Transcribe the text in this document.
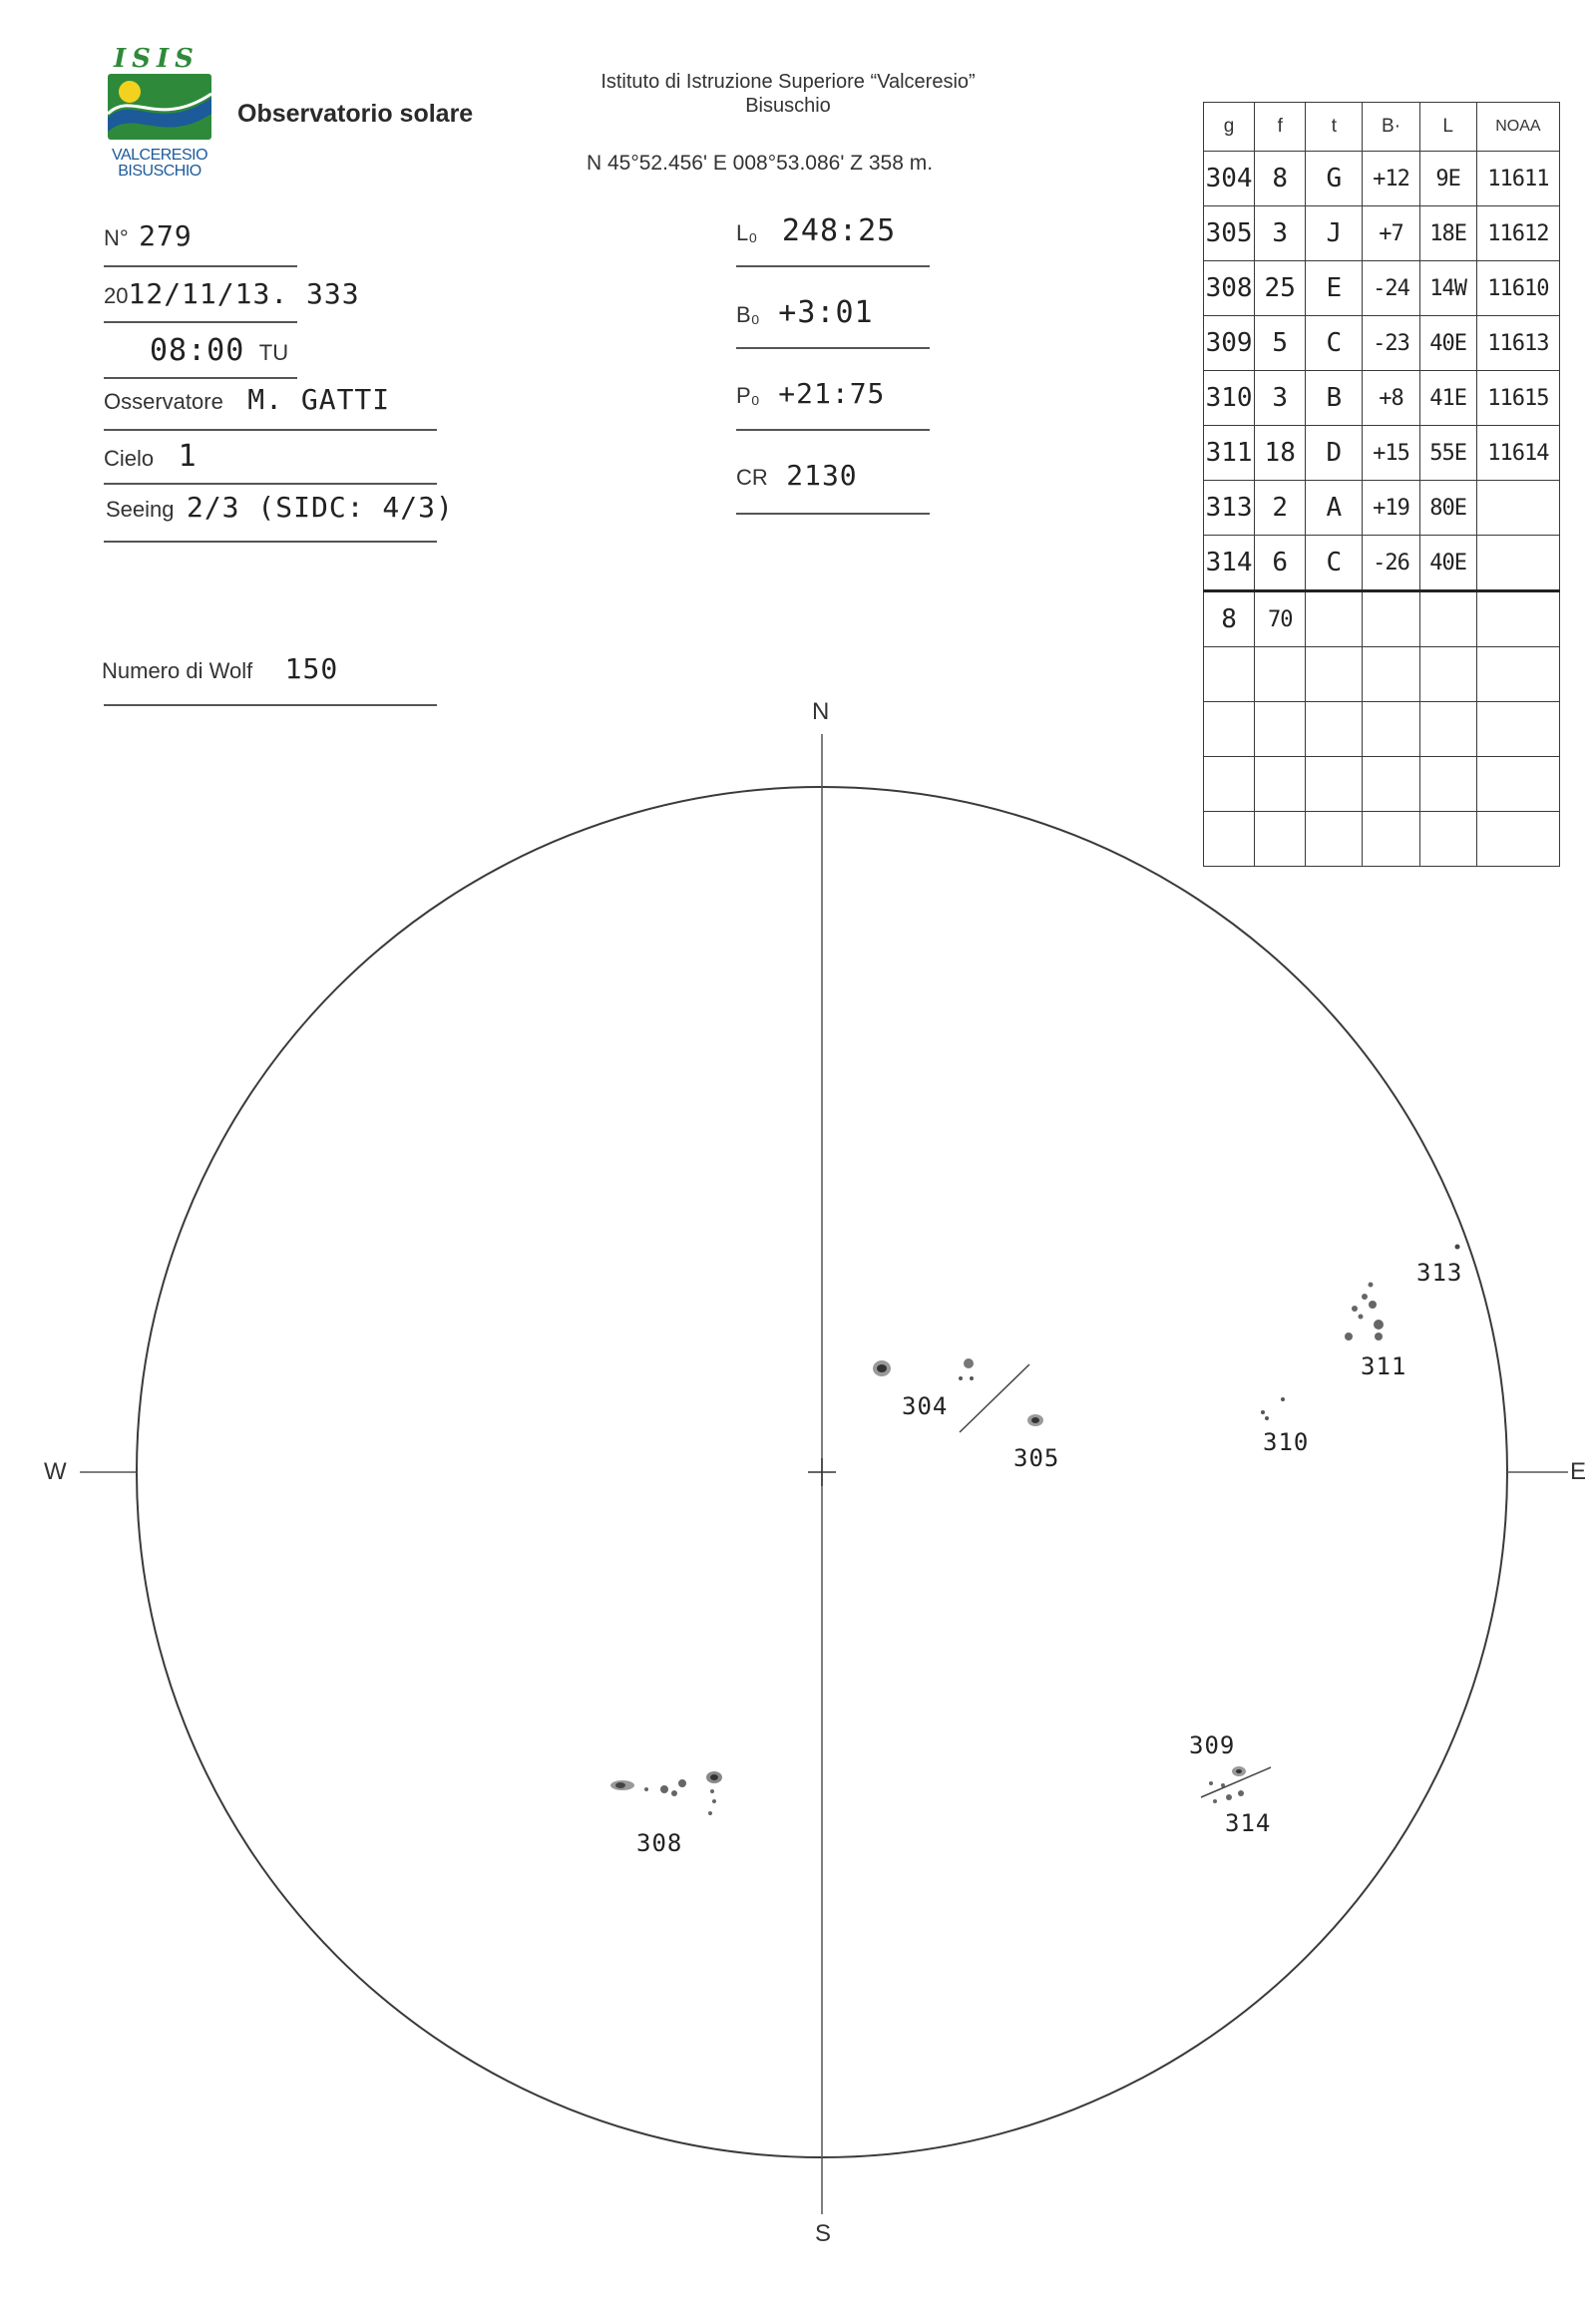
ISIS
VALCERESIO
BISUSCHIO
Observatorio solare
Istituto di Istruzione Superiore “Valceresio”
Bisuschio
N 45°52.456' E 008°53.086' Z 358 m.
N° 279
2012/11/13. 333
08:00 TU
Osservatore M. GATTI
Cielo 1
Seeing 2/3 (SIDC: 4/3)
Numero di Wolf 150
L₀ 248:25
B₀ +3:01
P₀ +21:75
CR 2130
g	f	t	B·	L	NOAA
304	8	G	+12	9E	11611
305	3	J	+7	18E	11612
308	25	E	-24	14W	11610
309	5	C	-23	40E	11613
310	3	B	+8	41E	11615
311	18	D	+15	55E	11614
313	2	A	+19	80E	
314	6	C	-26	40E	
8	70				

N
S
W	E
304
305
310
311
313
308
309
314
